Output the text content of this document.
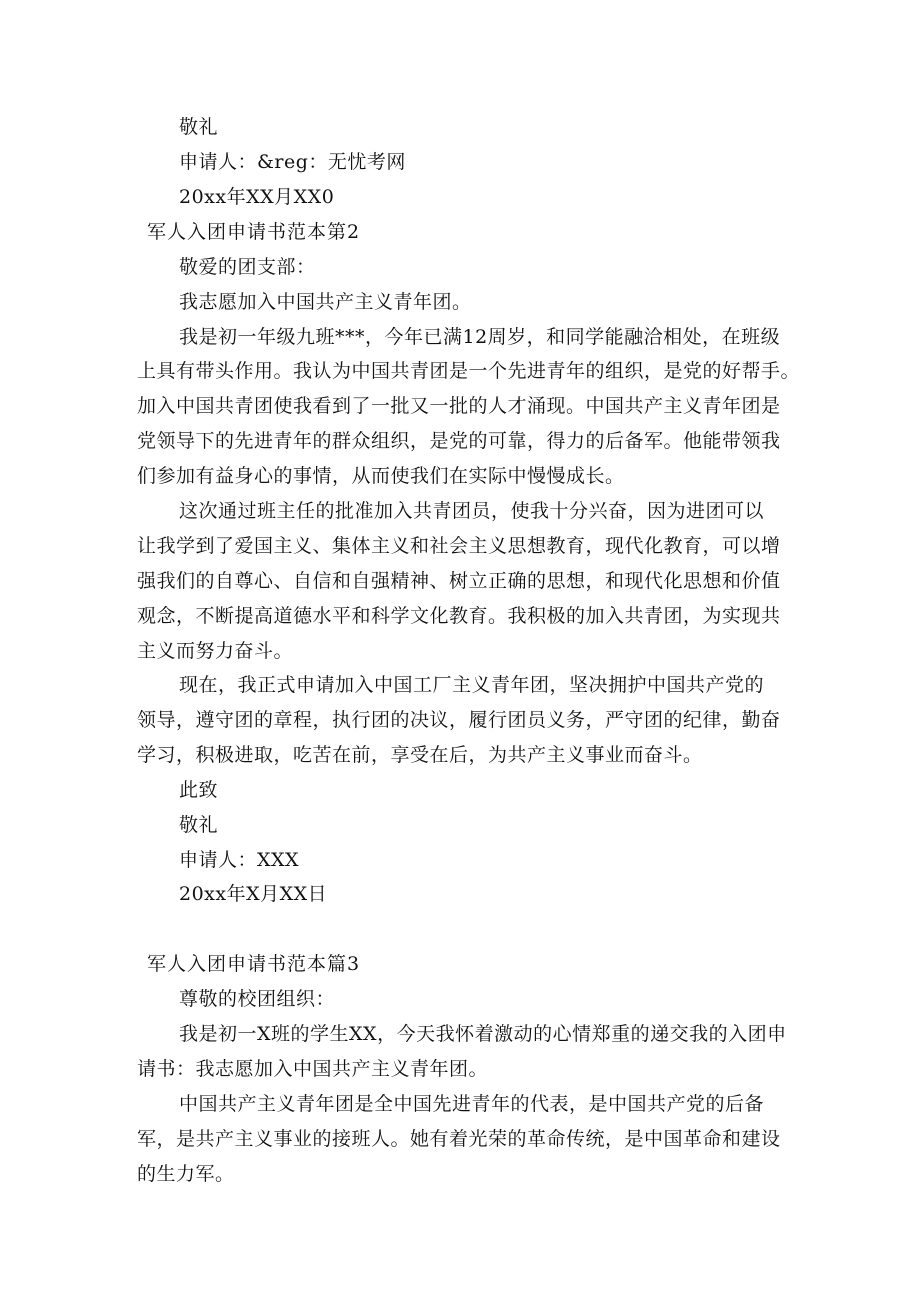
敬礼
申请人：&reg：无忧考网
20xx年XX月XX0
军人入团申请书范本第2
敬爱的团支部：
我志愿加入中国共产主义青年团。
我是初一年级九班***，今年已满12周岁，和同学能融洽相处，在班级
上具有带头作用。我认为中国共青团是一个先进青年的组织，是党的好帮手。
加入中国共青团使我看到了一批又一批的人才涌现。中国共产主义青年团是
党领导下的先进青年的群众组织，是党的可靠，得力的后备军。他能带领我
们参加有益身心的事情，从而使我们在实际中慢慢成长。
这次通过班主任的批准加入共青团员，使我十分兴奋，因为进团可以
让我学到了爱国主义、集体主义和社会主义思想教育，现代化教育，可以增
强我们的自尊心、自信和自强精神、树立正确的思想，和现代化思想和价值
观念，不断提高道德水平和科学文化教育。我积极的加入共青团，为实现共
主义而努力奋斗。
现在，我正式申请加入中国工厂主义青年团，坚决拥护中国共产党的
领导，遵守团的章程，执行团的决议，履行团员义务，严守团的纪律，勤奋
学习，积极进取，吃苦在前，享受在后，为共产主义事业而奋斗。
此致
敬礼
申请人：XXX
20xx年X月XX日
军人入团申请书范本篇3
尊敬的校团组织：
我是初一X班的学生XX，今天我怀着激动的心情郑重的递交我的入团申
请书：我志愿加入中国共产主义青年团。
中国共产主义青年团是全中国先进青年的代表，是中国共产党的后备
军，是共产主义事业的接班人。她有着光荣的革命传统，是中国革命和建设
的生力军。
